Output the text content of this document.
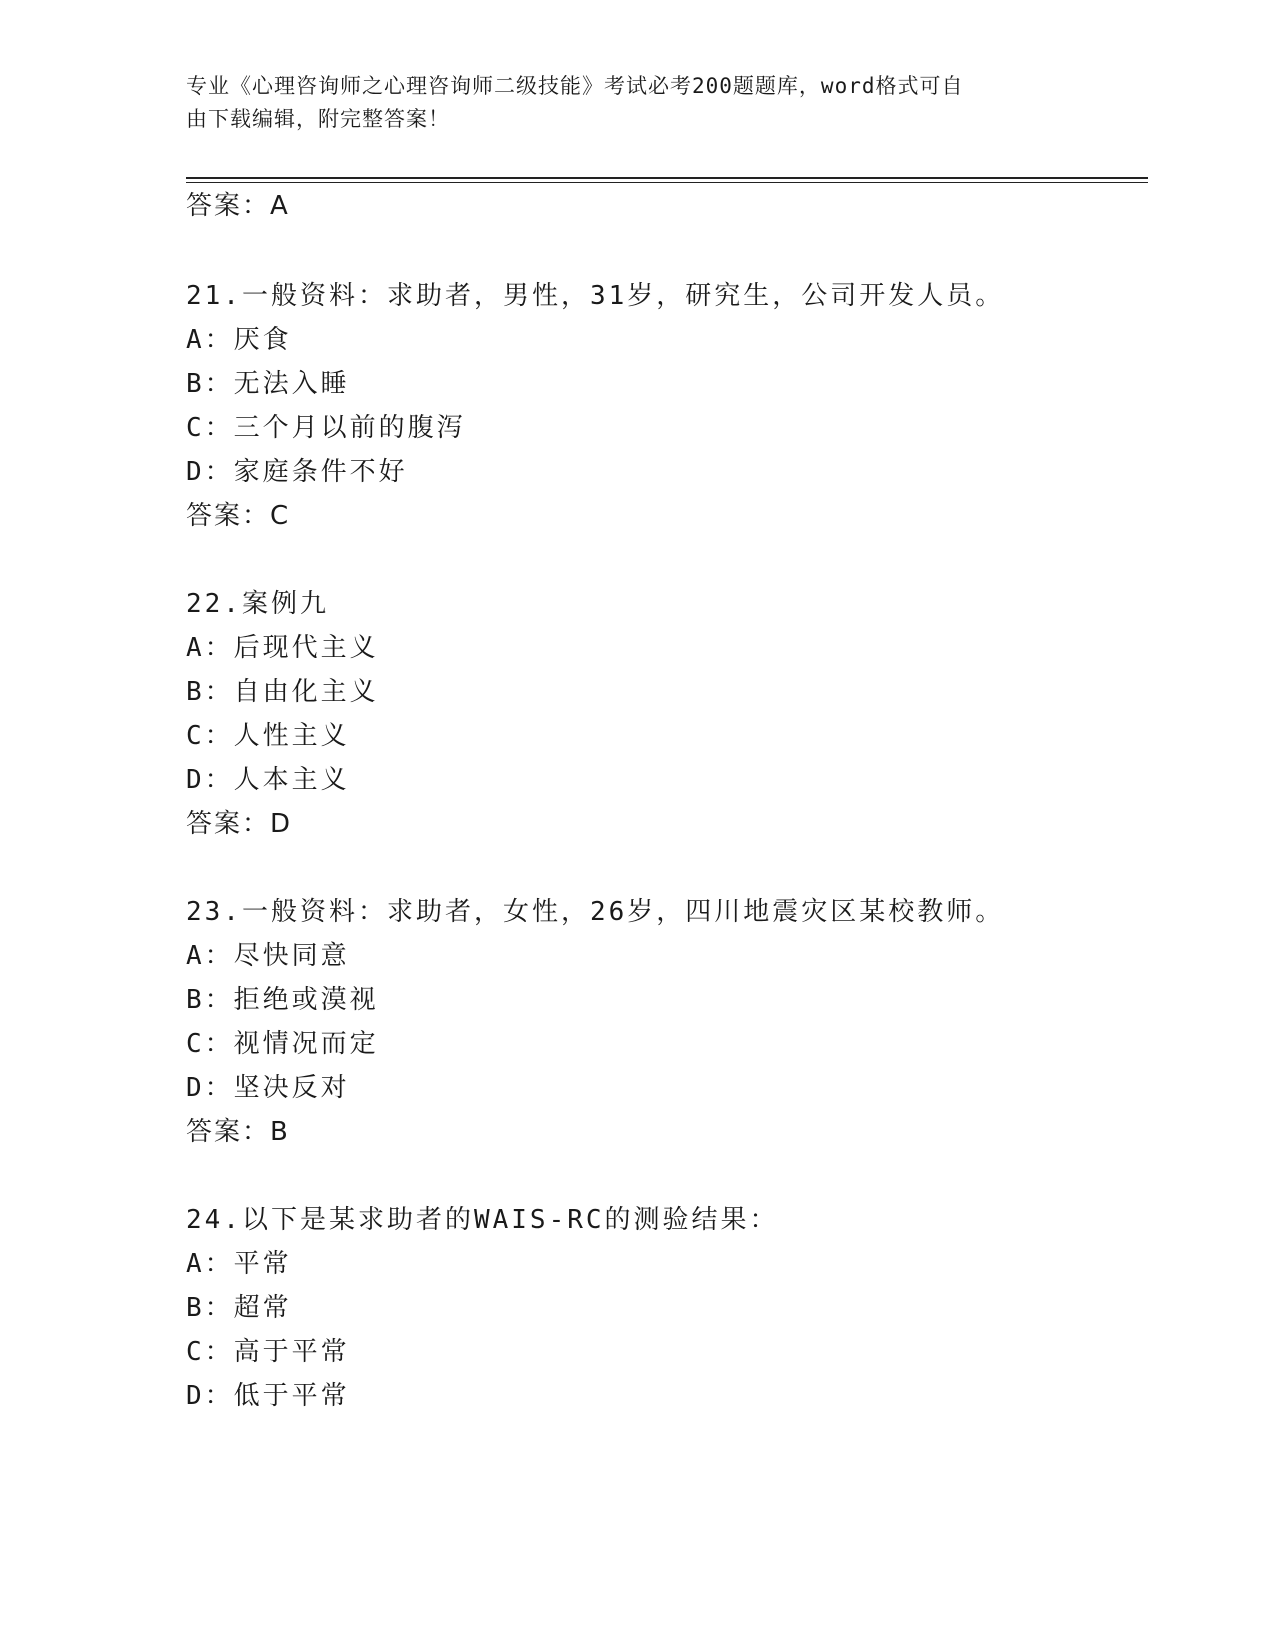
专业《心理咨询师之心理咨询师二级技能》考试必考200题题库，word格式可自
由下载编辑，附完整答案！
答案：A
21.一般资料：求助者，男性，31岁，研究生，公司开发人员。
A：厌食
B：无法入睡
C：三个月以前的腹泻
D：家庭条件不好
答案：C
22.案例九
A：后现代主义
B：自由化主义
C：人性主义
D：人本主义
答案：D
23.一般资料：求助者，女性，26岁，四川地震灾区某校教师。
A：尽快同意
B：拒绝或漠视
C：视情况而定
D：坚决反对
答案：B
24.以下是某求助者的WAIS-RC的测验结果：
A：平常
B：超常
C：高于平常
D：低于平常
